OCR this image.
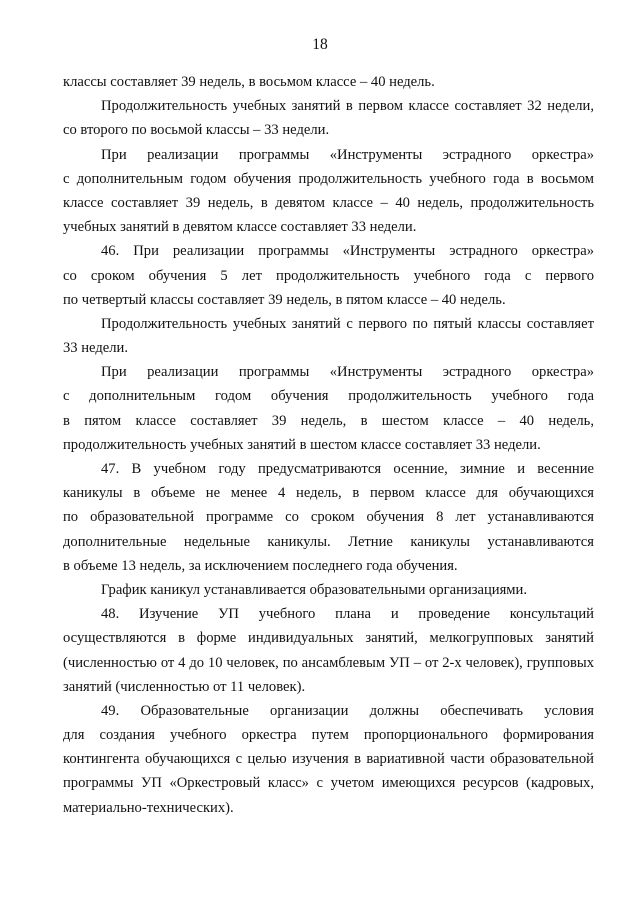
18
классы составляет 39 недель, в восьмом классе – 40 недель.
Продолжительность учебных занятий в первом классе составляет 32 недели,
со второго по восьмой классы – 33 недели.
При реализации программы «Инструменты эстрадного оркестра»
с дополнительным годом обучения продолжительность учебного года в восьмом
классе составляет 39 недель, в девятом классе – 40 недель, продолжительность
учебных занятий в девятом классе составляет 33 недели.
46. При реализации программы «Инструменты эстрадного оркестра»
со сроком обучения 5 лет продолжительность учебного года с первого
по четвертый классы составляет 39 недель, в пятом классе – 40 недель.
Продолжительность учебных занятий с первого по пятый классы составляет
33 недели.
При реализации программы «Инструменты эстрадного оркестра»
с дополнительным годом обучения продолжительность учебного года
в пятом классе составляет 39 недель, в шестом классе – 40 недель,
продолжительность учебных занятий в шестом классе составляет 33 недели.
47. В учебном году предусматриваются осенние, зимние и весенние
каникулы в объеме не менее 4 недель, в первом классе для обучающихся
по образовательной программе со сроком обучения 8 лет устанавливаются
дополнительные недельные каникулы. Летние каникулы устанавливаются
в объеме 13 недель, за исключением последнего года обучения.
График каникул устанавливается образовательными организациями.
48. Изучение УП учебного плана и проведение консультаций
осуществляются в форме индивидуальных занятий, мелкогрупповых занятий
(численностью от 4 до 10 человек, по ансамблевым УП – от 2-х человек), групповых
занятий (численностью от 11 человек).
49. Образовательные организации должны обеспечивать условия
для создания учебного оркестра путем пропорционального формирования
контингента обучающихся с целью изучения в вариативной части образовательной
программы УП «Оркестровый класс» с учетом имеющихся ресурсов (кадровых,
материально-технических).
